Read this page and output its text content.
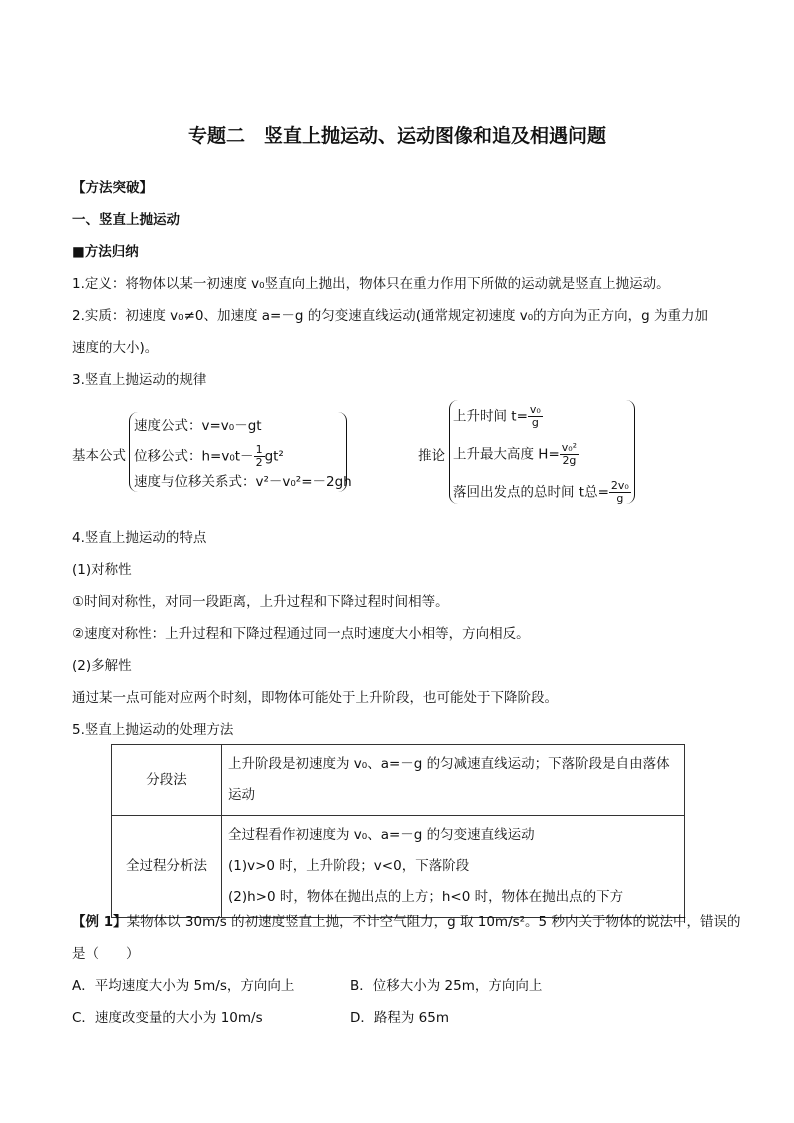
专题二　竖直上抛运动、运动图像和追及相遇问题
【方法突破】
一、竖直上抛运动
■方法归纳
1.定义：将物体以某一初速度 v₀竖直向上抛出，物体只在重力作用下所做的运动就是竖直上抛运动。
2.实质：初速度 v₀≠0、加速度 a=－g 的匀变速直线运动(通常规定初速度 v₀的方向为正方向，g 为重力加
速度的大小)。
3.竖直上抛运动的规律
基本公式
速度公式：v=v₀－gt
位移公式：$h=v_0t- \frac{1}{2} gt^2$
速度与位移关系式：v²－v₀²=－2gh
推论
上升时间 $t= \frac{\text{v₀}}{g}$
上升最大高度 $H= \frac{\text{v₀²}}{2g}$
落回出发点的总时间 t总= $\frac{\text{2v₀}}{g}$
4.竖直上抛运动的特点
(1)对称性
①时间对称性，对同一段距离，上升过程和下降过程时间相等。
②速度对称性：上升过程和下降过程通过同一点时速度大小相等，方向相反。
(2)多解性
通过某一点可能对应两个时刻，即物体可能处于上升阶段，也可能处于下降阶段。
5.竖直上抛运动的处理方法
分段法	上升阶段是初速度为 v₀、a=－g 的匀减速直线运动；下落阶段是自由落体
运动

全过程分析法	全过程看作初速度为 v₀、a=－g 的匀变速直线运动
(1)v>0 时，上升阶段；v<0，下落阶段
(2)h>0 时，物体在抛出点的上方；h<0 时，物体在抛出点的下方
【例 1】某物体以 30m/s 的初速度竖直上抛，不计空气阻力，g 取 10m/s²。5 秒内关于物体的说法中，错误的
是（　　）
A．平均速度大小为 5m/s，方向向上	B．位移大小为 25m，方向向上
C．速度改变量的大小为 10m/s	D．路程为 65m
